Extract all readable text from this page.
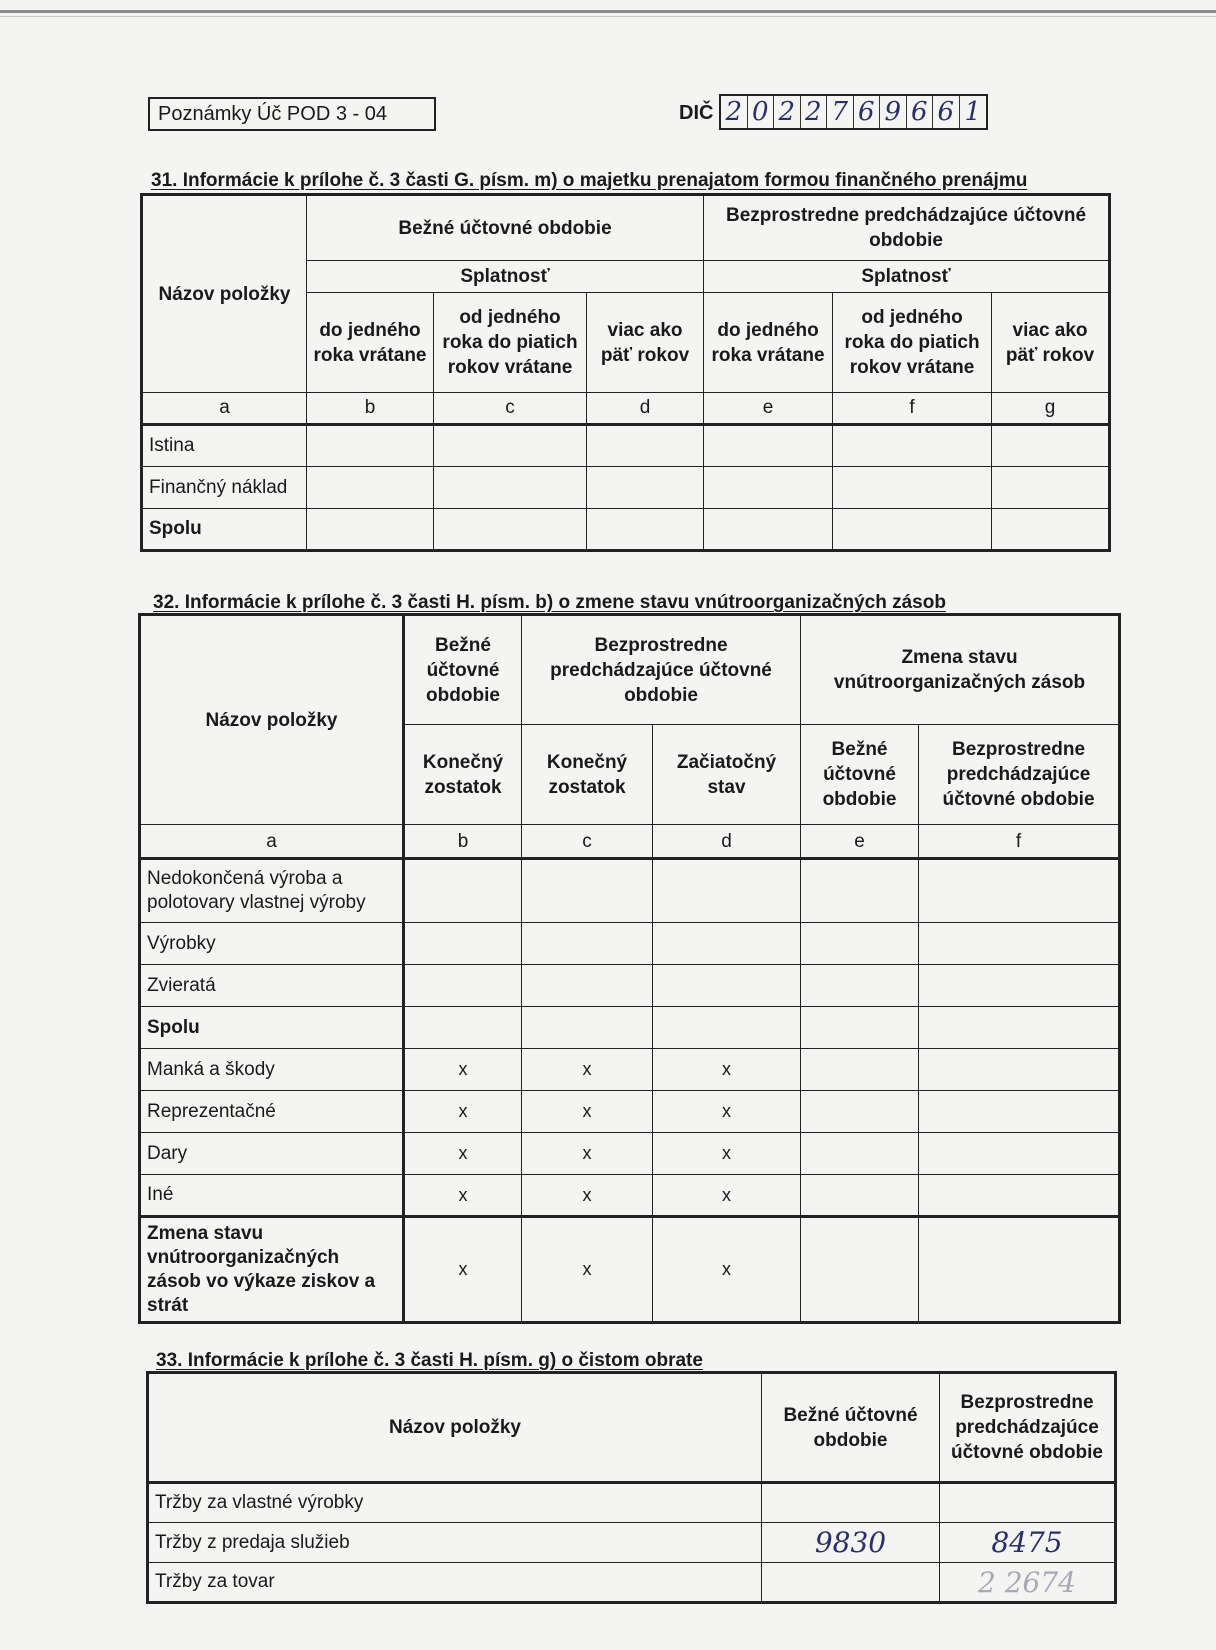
Poznámky Úč POD 3 - 04	DIČ 2 0 2 2 7 6 9 6 6 1
31. Informácie k prílohe č. 3 časti G. písm. m) o majetku prenajatom formou finančného prenájmu
Názov položky	Bežné účtovné obdobie			Bezprostredne predchádzajúce účtovné obdobie		
	Splatnosť			Splatnosť		
	do jedného roka vrátane	od jedného roka do piatich rokov vrátane	viac ako päť rokov	do jedného roka vrátane	od jedného roka do piatich rokov vrátane	viac ako päť rokov
a	b	c	d	e	f	g
Istina						
Finančný náklad						
Spolu						
32. Informácie k prílohe č. 3 časti H. písm. b) o zmene stavu vnútroorganizačných zásob
Názov položky	Bežné účtovné obdobie	Bezprostredne predchádzajúce účtovné obdobie		Zmena stavu vnútroorganizačných zásob	
	Konečný zostatok	Konečný zostatok	Začiatočný stav	Bežné účtovné obdobie	Bezprostredne predchádzajúce účtovné obdobie
a	b	c	d	e	f
Nedokončená výroba a polotovary vlastnej výroby					
Výrobky					
Zvieratá					
Spolu					
Manká a škody	x	x	x		
Reprezentačné	x	x	x		
Dary	x	x	x		
Iné	x	x	x		
Zmena stavu vnútroorganizačných zásob vo výkaze ziskov a strát	x	x	x		
33. Informácie k prílohe č. 3 časti H. písm. g) o čistom obrate
Názov položky	Bežné účtovné obdobie	Bezprostredne predchádzajúce účtovné obdobie
Tržby za vlastné výrobky		
Tržby z predaja služieb	9830	8475
Tržby za tovar		2 2674
